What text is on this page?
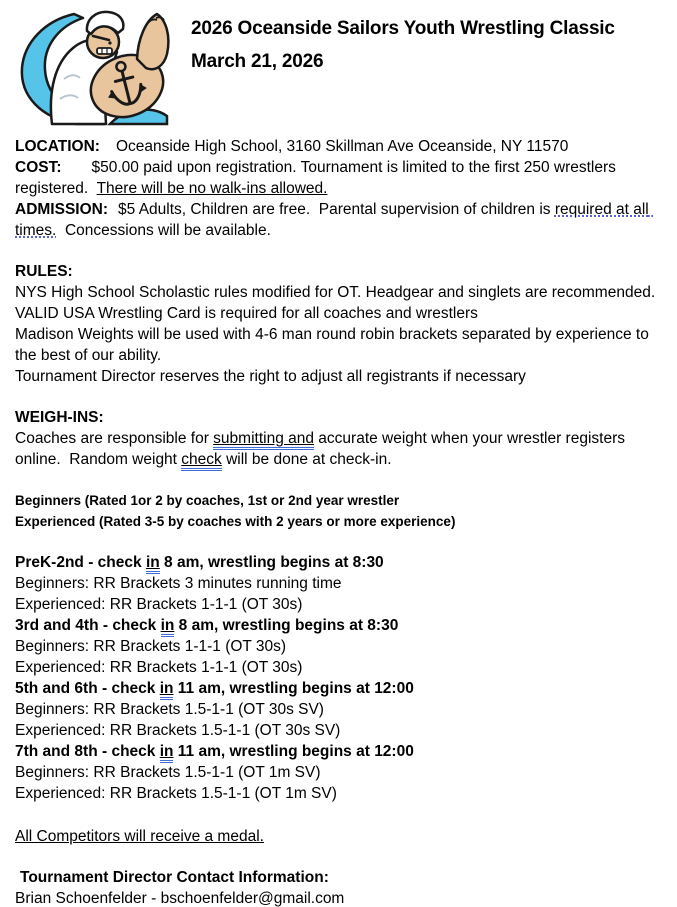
2026 Oceanside Sailors Youth Wrestling Classic
March 21, 2026

LOCATION: Oceanside High School, 3160 Skillman Ave Oceanside, NY 11570

COST: $50.00 paid upon registration. Tournament is limited to the first 250 wrestlers registered.  There will be no walk-ins allowed.

ADMISSION: $5 Adults, Children are free.  Parental supervision of children is required at all times.  Concessions will be available.

RULES:

NYS High School Scholastic rules modified for OT. Headgear and singlets are recommended.

VALID USA Wrestling Card is required for all coaches and wrestlers

Madison Weights will be used with 4-6 man round robin brackets separated by experience to the best of our ability.

Tournament Director reserves the right to adjust all registrants if necessary

WEIGH-INS:

Coaches are responsible for submitting and accurate weight when your wrestler registers online.  Random weight check will be done at check-in.

Beginners (Rated 1or 2 by coaches, 1st or 2nd year wrestler

Experienced (Rated 3-5 by coaches with 2 years or more experience)

PreK-2nd - check in 8 am, wrestling begins at 8:30

Beginners: RR Brackets 3 minutes running time

Experienced: RR Brackets 1-1-1 (OT 30s)

3rd and 4th - check in 8 am, wrestling begins at 8:30

Beginners: RR Brackets 1-1-1 (OT 30s)

Experienced: RR Brackets 1-1-1 (OT 30s)

5th and 6th - check in 11 am, wrestling begins at 12:00

Beginners: RR Brackets 1.5-1-1 (OT 30s SV)

Experienced: RR Brackets 1.5-1-1 (OT 30s SV)

7th and 8th - check in 11 am, wrestling begins at 12:00

Beginners: RR Brackets 1.5-1-1 (OT 1m SV)

Experienced: RR Brackets 1.5-1-1 (OT 1m SV)

All Competitors will receive a medal.

Tournament Director Contact Information:

Brian Schoenfelder - bschoenfelder@gmail.com
